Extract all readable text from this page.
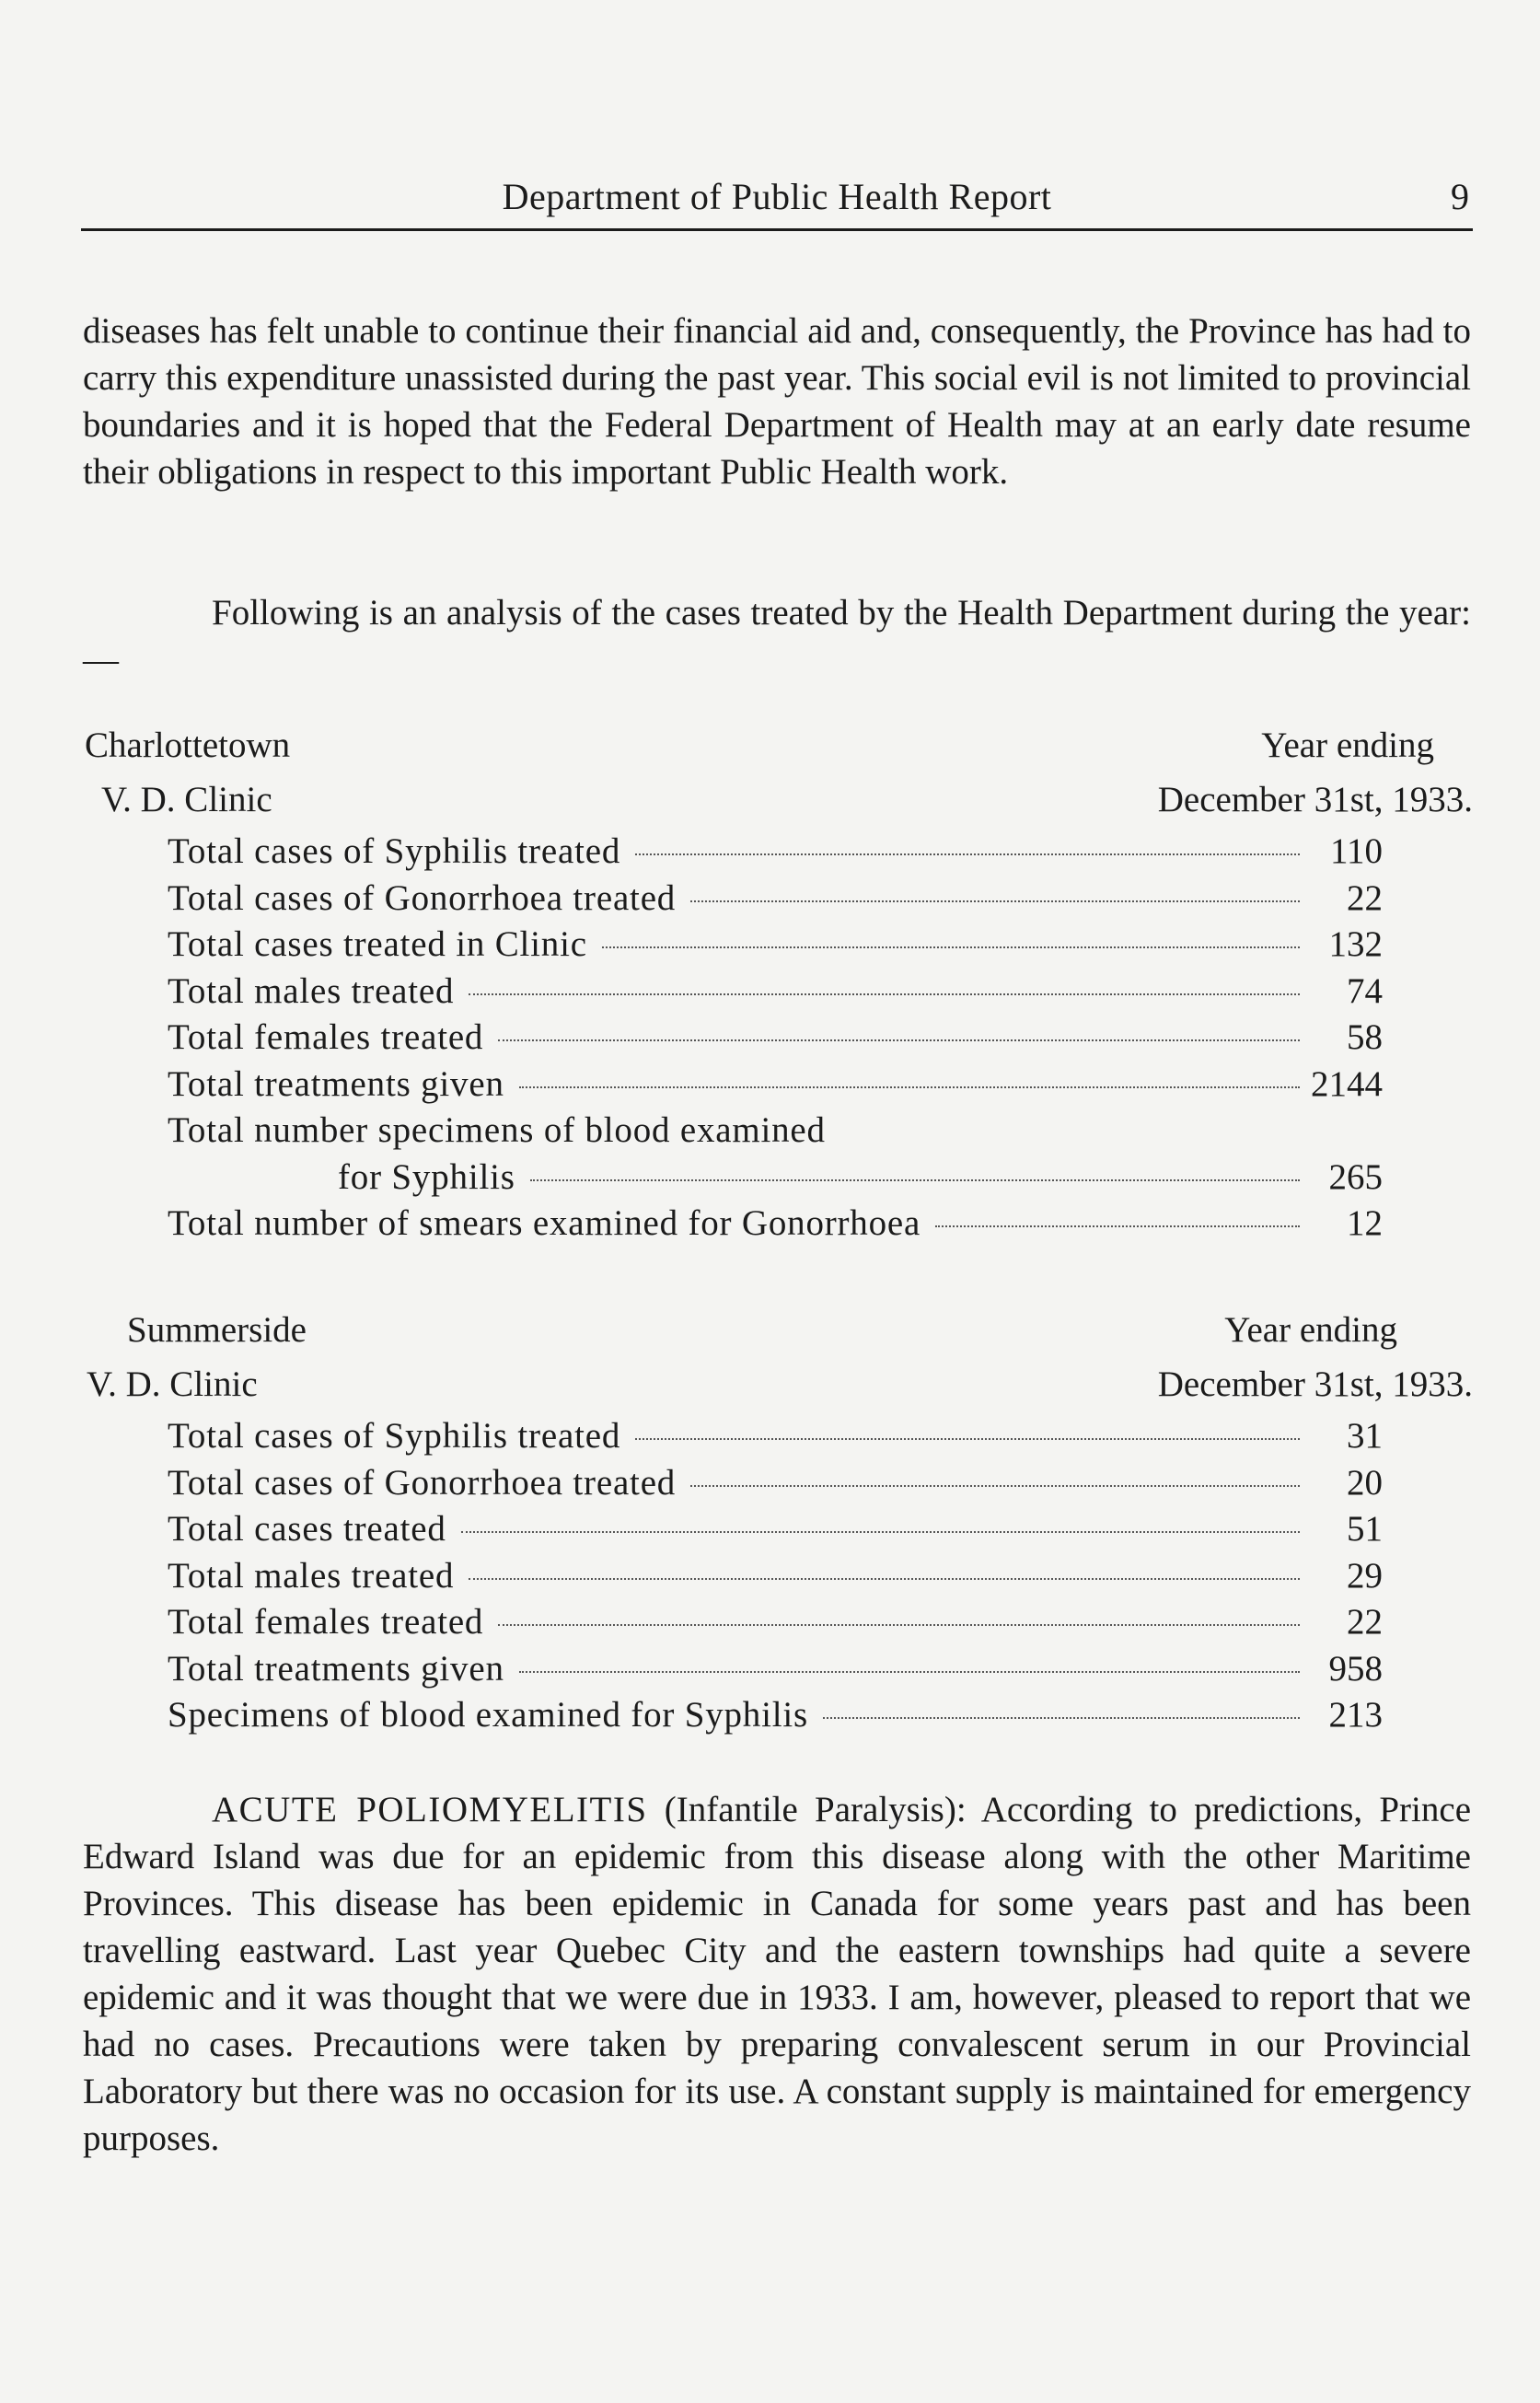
Department of Public Health Report	9

diseases has felt unable to continue their financial aid and, consequently, the Province has had to carry this expenditure unassisted during the past year. This social evil is not limited to provincial boundaries and it is hoped that the Federal Department of Health may at an early date resume their obligations in respect to this important Public Health work.

Following is an analysis of the cases treated by the Health Department during the year:—

Charlottetown	Year ending
V. D. Clinic	December 31st, 1933.
Total cases of Syphilis treated	110
Total cases of Gonorrhoea treated	22
Total cases treated in Clinic	132
Total males treated	74
Total females treated	58
Total treatments given	2144
Total number specimens of blood examined
for Syphilis	265
Total number of smears examined for Gonorrhoea	12
Summerside	Year ending
V. D. Clinic	December 31st, 1933.
Total cases of Syphilis treated	31
Total cases of Gonorrhoea treated	20
Total cases treated	51
Total males treated	29
Total females treated	22
Total treatments given	958
Specimens of blood examined for Syphilis	213

ACUTE POLIOMYELITIS (Infantile Paralysis): According to predictions, Prince Edward Island was due for an epidemic from this disease along with the other Maritime Provinces. This disease has been epidemic in Canada for some years past and has been travelling eastward. Last year Quebec City and the eastern townships had quite a severe epidemic and it was thought that we were due in 1933. I am, however, pleased to report that we had no cases. Precautions were taken by preparing convalescent serum in our Provincial Laboratory but there was no occasion for its use. A constant supply is maintained for emergency purposes.
